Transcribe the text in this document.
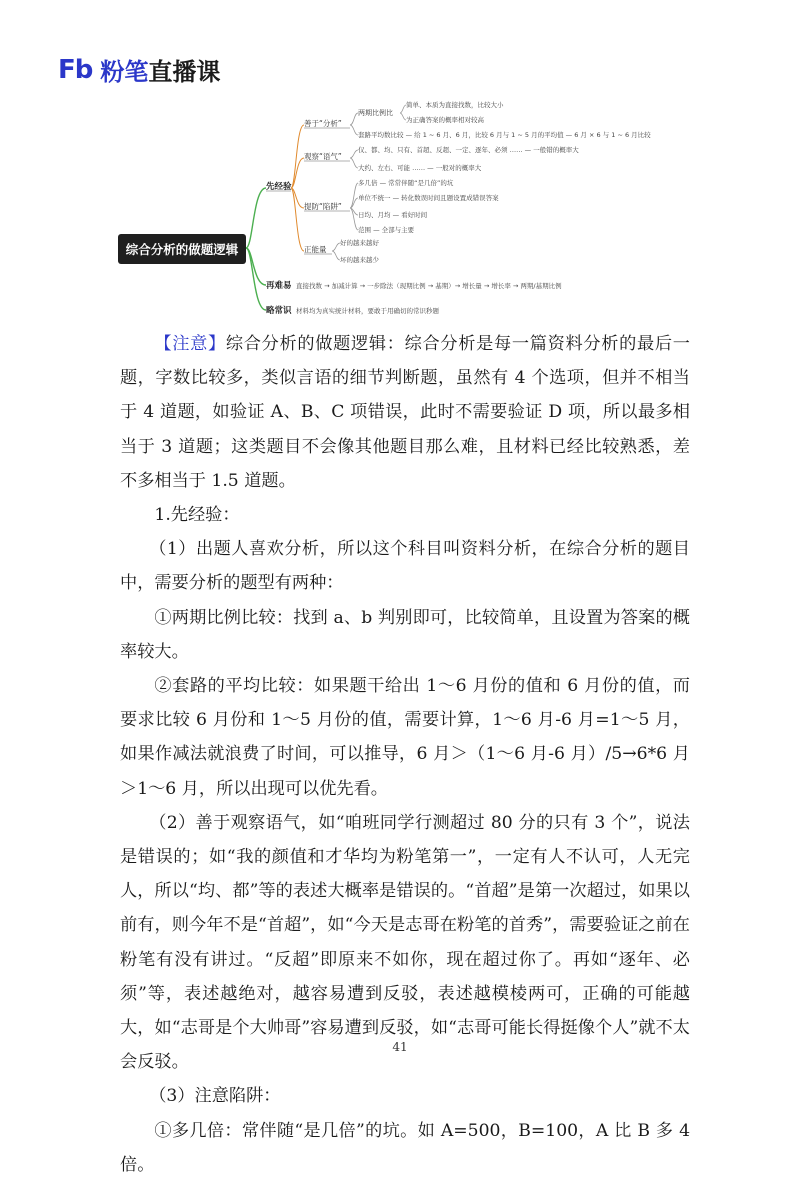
Fb 粉笔直播课
综合分析的做题逻辑
先经验
再难易
略常识
善于“分析”
两期比例比
简单、本质为直接找数，比较大小
为正确答案的概率相对较高
套路平均数比较 — 给 1 ~ 6 月、6 月，比较 6 月与 1 ~ 5 月的平均值 — 6 月 × 6 与 1 ~ 6 月比较
观察“语气”
仅、都、均、只有、首超、反超、一定、逐年、必须 …… — 一般错的概率大
大约、左右、可能 …… — 一般对的概率大
提防“陷阱”
多几倍 — 常常伴随“是几倍”的坑
单位不统一 — 转化数误时间且题设置成错误答案
日均、月均 — 看好时间
范围 — 全部与主要
正能量
好的越来越好
坏的越来越少
直接找数 → 加减计算 → 一步除法（现期比例 → 基期）→ 增长量 → 增长率 → 两期/基期比例
材料均为真实统计材料，要敢于用确切的常识秒题

【注意】综合分析的做题逻辑：综合分析是每一篇资料分析的最后一题，字数比较多，类似言语的细节判断题，虽然有 4 个选项，但并不相当于 4 道题，如验证 A、B、C 项错误，此时不需要验证 D 项，所以最多相当于 3 道题；这类题目不会像其他题目那么难，且材料已经比较熟悉，差不多相当于 1.5 道题。

1.先经验：

（1）出题人喜欢分析，所以这个科目叫资料分析，在综合分析的题目中，需要分析的题型有两种：

①两期比例比较：找到 a、b 判别即可，比较简单，且设置为答案的概率较大。

②套路的平均比较：如果题干给出 1～6 月份的值和 6 月份的值，而要求比较 6 月份和 1～5 月份的值，需要计算，1～6 月-6 月=1～5 月，如果作减法就浪费了时间，可以推导，6 月＞（1～6 月-6 月）/5→6*6 月＞1～6 月，所以出现可以优先看。

（2）善于观察语气，如“咱班同学行测超过 80 分的只有 3 个”，说法是错误的；如“我的颜值和才华均为粉笔第一”，一定有人不认可，人无完人，所以“均、都”等的表述大概率是错误的。“首超”是第一次超过，如果以前有，则今年不是“首超”，如“今天是志哥在粉笔的首秀”，需要验证之前在粉笔有没有讲过。“反超”即原来不如你，现在超过你了。再如“逐年、必须”等，表述越绝对，越容易遭到反驳，表述越模棱两可，正确的可能越大，如“志哥是个大帅哥”容易遭到反驳，如“志哥可能长得挺像个人”就不太会反驳。

（3）注意陷阱：

①多几倍：常伴随“是几倍”的坑。如 A=500，B=100，A 比 B 多 4 倍。

41
